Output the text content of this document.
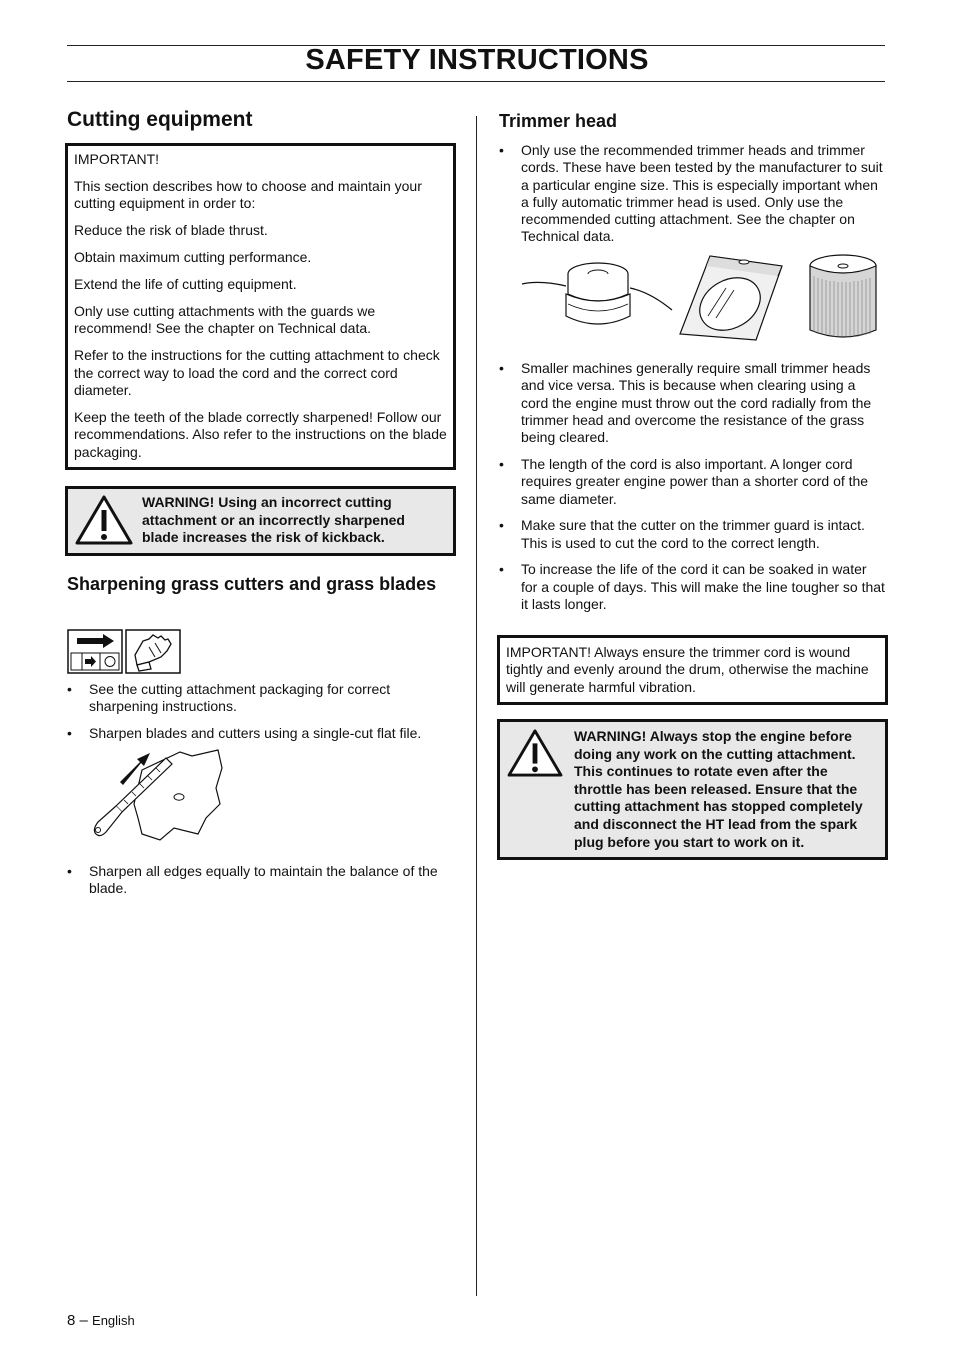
SAFETY INSTRUCTIONS
Cutting equipment

IMPORTANT!

This section describes how to choose and maintain your cutting equipment in order to:

Reduce the risk of blade thrust.

Obtain maximum cutting performance.

Extend the life of cutting equipment.

Only use cutting attachments with the guards we recommend! See the chapter on Technical data.

Refer to the instructions for the cutting attachment to check the correct way to load the cord and the correct cord diameter.

Keep the teeth of the blade correctly sharpened! Follow our recommendations. Also refer to the instructions on the blade packaging.

WARNING! Using an incorrect cutting attachment or an incorrectly sharpened blade increases the risk of kickback.
Sharpening grass cutters and grass blades
• See the cutting attachment packaging for correct sharpening instructions.
• Sharpen blades and cutters using a single-cut flat file.
• Sharpen all edges equally to maintain the balance of the blade.
Trimmer head
• Only use the recommended trimmer heads and trimmer cords. These have been tested by the manufacturer to suit a particular engine size. This is especially important when a fully automatic trimmer head is used. Only use the recommended cutting attachment. See the chapter on Technical data.
• Smaller machines generally require small trimmer heads and vice versa. This is because when clearing using a cord the engine must throw out the cord radially from the trimmer head and overcome the resistance of the grass being cleared.
• The length of the cord is also important. A longer cord requires greater engine power than a shorter cord of the same diameter.
• Make sure that the cutter on the trimmer guard is intact. This is used to cut the cord to the correct length.
• To increase the life of the cord it can be soaked in water for a couple of days. This will make the line tougher so that it lasts longer.

IMPORTANT! Always ensure the trimmer cord is wound tightly and evenly around the drum, otherwise the machine will generate harmful vibration.

WARNING! Always stop the engine before doing any work on the cutting attachment. This continues to rotate even after the throttle has been released. Ensure that the cutting attachment has stopped completely and disconnect the HT lead from the spark plug before you start to work on it.
8 – English
